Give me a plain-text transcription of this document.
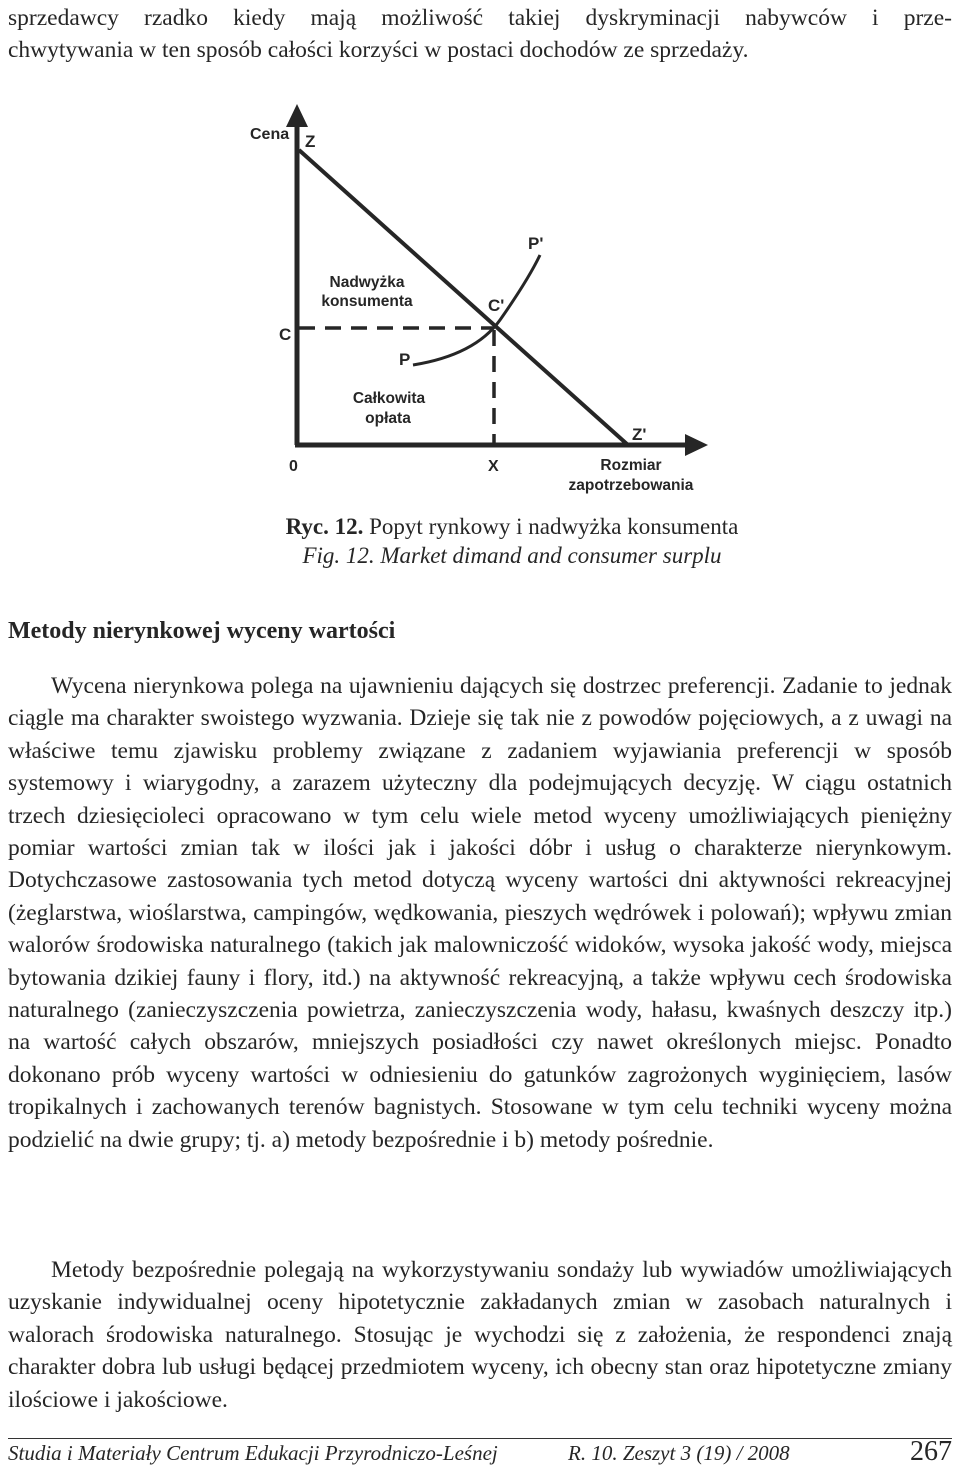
sprzedawcy rzadko kiedy mają możliwość takiej dyskryminacji nabywców i prze-
chwytywania w ten sposób całości korzyści w postaci dochodów ze sprzedaży.

Cena Z
P'
Nadwyżka
konsumenta	C'
C
P
Całkowita
opłata
Z'
0	X	Rozmiar
zapotrzebowania

Ryc. 12. Popyt rynkowy i nadwyżka konsumenta

Fig. 12. Market dimand and consumer surplu

Metody nierynkowej wyceny wartości

Wycena nierynkowa polega na ujawnieniu dających się dostrzec preferencji. Zadanie to jednak ciągle ma charakter swoistego wyzwania. Dzieje się tak nie z powodów pojęciowych, a z uwagi na właściwe temu zjawisku problemy związane z zadaniem wyjawiania preferencji w sposób systemowy i wiarygodny, a zarazem użyteczny dla podejmujących decyzję. W ciągu ostatnich trzech dziesięcioleci opracowano w tym celu wiele metod wyceny umożliwiających pieniężny pomiar wartości zmian tak w ilości jak i jakości dóbr i usług o charakterze nierynkowym. Dotychczasowe zastosowania tych metod dotyczą wyceny wartości dni aktywności rekreacyjnej (żeglarstwa, wioślarstwa, campingów, wędkowania, pieszych wędrówek i polowań); wpływu zmian walorów środowiska naturalnego (takich jak malowniczość widoków, wysoka jakość wody, miejsca bytowania dzikiej fauny i flory, itd.) na aktywność rekreacyjną, a także wpływu cech środowiska naturalnego (zanieczyszczenia powietrza, zanieczyszczenia wody, hałasu, kwaśnych deszczy itp.) na wartość całych obszarów, mniejszych posiadłości czy nawet określonych miejsc. Ponadto dokonano prób wyceny wartości w odniesieniu do gatunków zagrożonych wyginięciem, lasów tropikalnych i zachowanych terenów bagnistych. Stosowane w tym celu techniki wyceny można podzielić na dwie grupy; tj. a) metody bezpośrednie i b) metody pośrednie.

Metody bezpośrednie polegają na wykorzystywaniu sondaży lub wywiadów umożliwiających uzyskanie indywidualnej oceny hipotetycznie zakładanych zmian w zasobach naturalnych i walorach środowiska naturalnego. Stosując je wychodzi się z założenia, że respondenci znają charakter dobra lub usługi będącej przedmiotem wyceny, ich obecny stan oraz hipotetyczne zmiany ilościowe i jakościowe.

Studia i Materiały Centrum Edukacji Przyrodniczo-Leśnej	R. 10. Zeszyt 3 (19) / 2008	267
